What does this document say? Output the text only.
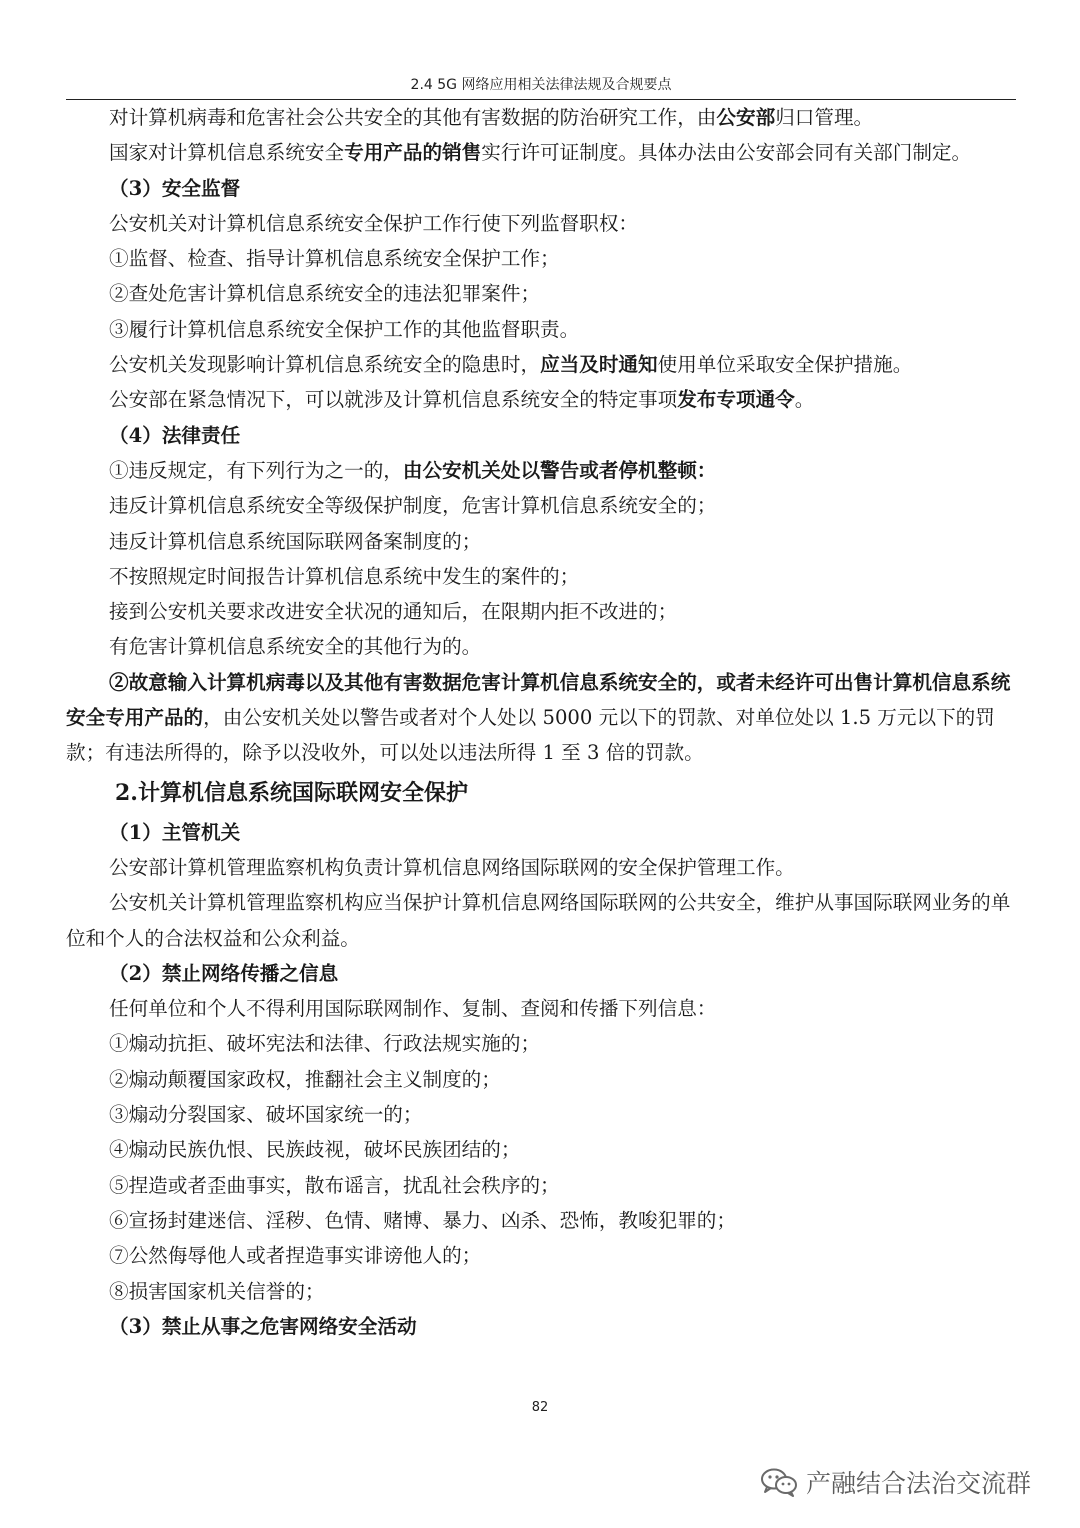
2.4 5G 网络应用相关法律法规及合规要点

对计算机病毒和危害社会公共安全的其他有害数据的防治研究工作，由公安部归口管理。

国家对计算机信息系统安全专用产品的销售实行许可证制度。具体办法由公安部会同有关部门制定。

（3）安全监督

公安机关对计算机信息系统安全保护工作行使下列监督职权：

①监督、检查、指导计算机信息系统安全保护工作；

②查处危害计算机信息系统安全的违法犯罪案件；

③履行计算机信息系统安全保护工作的其他监督职责。

公安机关发现影响计算机信息系统安全的隐患时，应当及时通知使用单位采取安全保护措施。

公安部在紧急情况下，可以就涉及计算机信息系统安全的特定事项发布专项通令。

（4）法律责任

①违反规定，有下列行为之一的，由公安机关处以警告或者停机整顿：

违反计算机信息系统安全等级保护制度，危害计算机信息系统安全的；

违反计算机信息系统国际联网备案制度的；

不按照规定时间报告计算机信息系统中发生的案件的；

接到公安机关要求改进安全状况的通知后，在限期内拒不改进的；

有危害计算机信息系统安全的其他行为的。

②故意输入计算机病毒以及其他有害数据危害计算机信息系统安全的，或者未经许可出售计算机信息系统安全专用产品的，由公安机关处以警告或者对个人处以 5000 元以下的罚款、对单位处以 1.5 万元以下的罚款；有违法所得的，除予以没收外，可以处以违法所得 1 至 3 倍的罚款。

2.计算机信息系统国际联网安全保护

（1）主管机关

公安部计算机管理监察机构负责计算机信息网络国际联网的安全保护管理工作。

公安机关计算机管理监察机构应当保护计算机信息网络国际联网的公共安全，维护从事国际联网业务的单位和个人的合法权益和公众利益。

（2）禁止网络传播之信息

任何单位和个人不得利用国际联网制作、复制、查阅和传播下列信息：

①煽动抗拒、破坏宪法和法律、行政法规实施的；

②煽动颠覆国家政权，推翻社会主义制度的；

③煽动分裂国家、破坏国家统一的；

④煽动民族仇恨、民族歧视，破坏民族团结的；

⑤捏造或者歪曲事实，散布谣言，扰乱社会秩序的；

⑥宣扬封建迷信、淫秽、色情、赌博、暴力、凶杀、恐怖，教唆犯罪的；

⑦公然侮辱他人或者捏造事实诽谤他人的；

⑧损害国家机关信誉的；

（3）禁止从事之危害网络安全活动

82
产融结合法治交流群
